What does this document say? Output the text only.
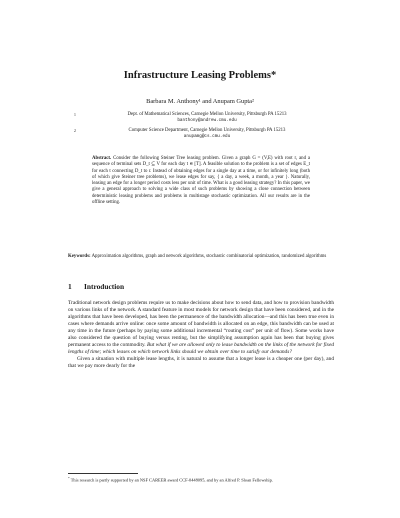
Infrastructure Leasing Problems*
Barbara M. Anthony¹ and Anupam Gupta²
1	Dept. of Mathematical Sciences, Carnegie Mellon University, Pittsburgh PA 15213
banthony@andrew.cmu.edu
2	Computer Science Department, Carnegie Mellon University, Pittsburgh PA 15213
anupamg@cs.cmu.edu
Abstract. Consider the following Steiner Tree leasing problem. Given a graph G = (V,E) with root r, and a sequence of terminal sets D_t ⊆ V for each day t ∈ [T]. A feasible solution to the problem is a set of edges E_t for each t connecting D_t to r. Instead of obtaining edges for a single day at a time, or for infinitely long (both of which give Steiner tree problems), we lease edges for say, { a day, a week, a month, a year }. Naturally, leasing an edge for a longer period costs less per unit of time. What is a good leasing strategy? In this paper, we give a general approach to solving a wide class of such problems by showing a close connection between deterministic leasing problems and problems in multistage stochastic optimization. All our results are in the offline setting.
Keywords: Approximation algorithms, graph and network algorithms, stochastic combinatorial optimization, randomized algorithms
1 Introduction

Traditional network design problems require us to make decisions about how to send data, and how to provision bandwidth on various links of the network. A standard feature in most models for network design that have been considered, and in the algorithms that have been developed, has been the permanence of the bandwidth allocation—and this has been true even in cases where demands arrive online: once some amount of bandwidth is allocated on an edge, this bandwidth can be used at any time in the future (perhaps by paying some additional incremental “routing cost” per unit of flow). Some works have also considered the question of buying versus renting, but the simplifying assumption again has been that buying gives permanent access to the commodity. But what if we are allowed only to lease bandwidth on the links of the network for fixed lengths of time; which leases on which network links should we obtain over time to satisfy our demands?

Given a situation with multiple lease lengths, it is natural to assume that a longer lease is a cheaper one (per day), and that we pay more dearly for the

* This research is partly supported by an NSF CAREER award CCF-0448095, and by an Alfred P. Sloan Fellowship.
